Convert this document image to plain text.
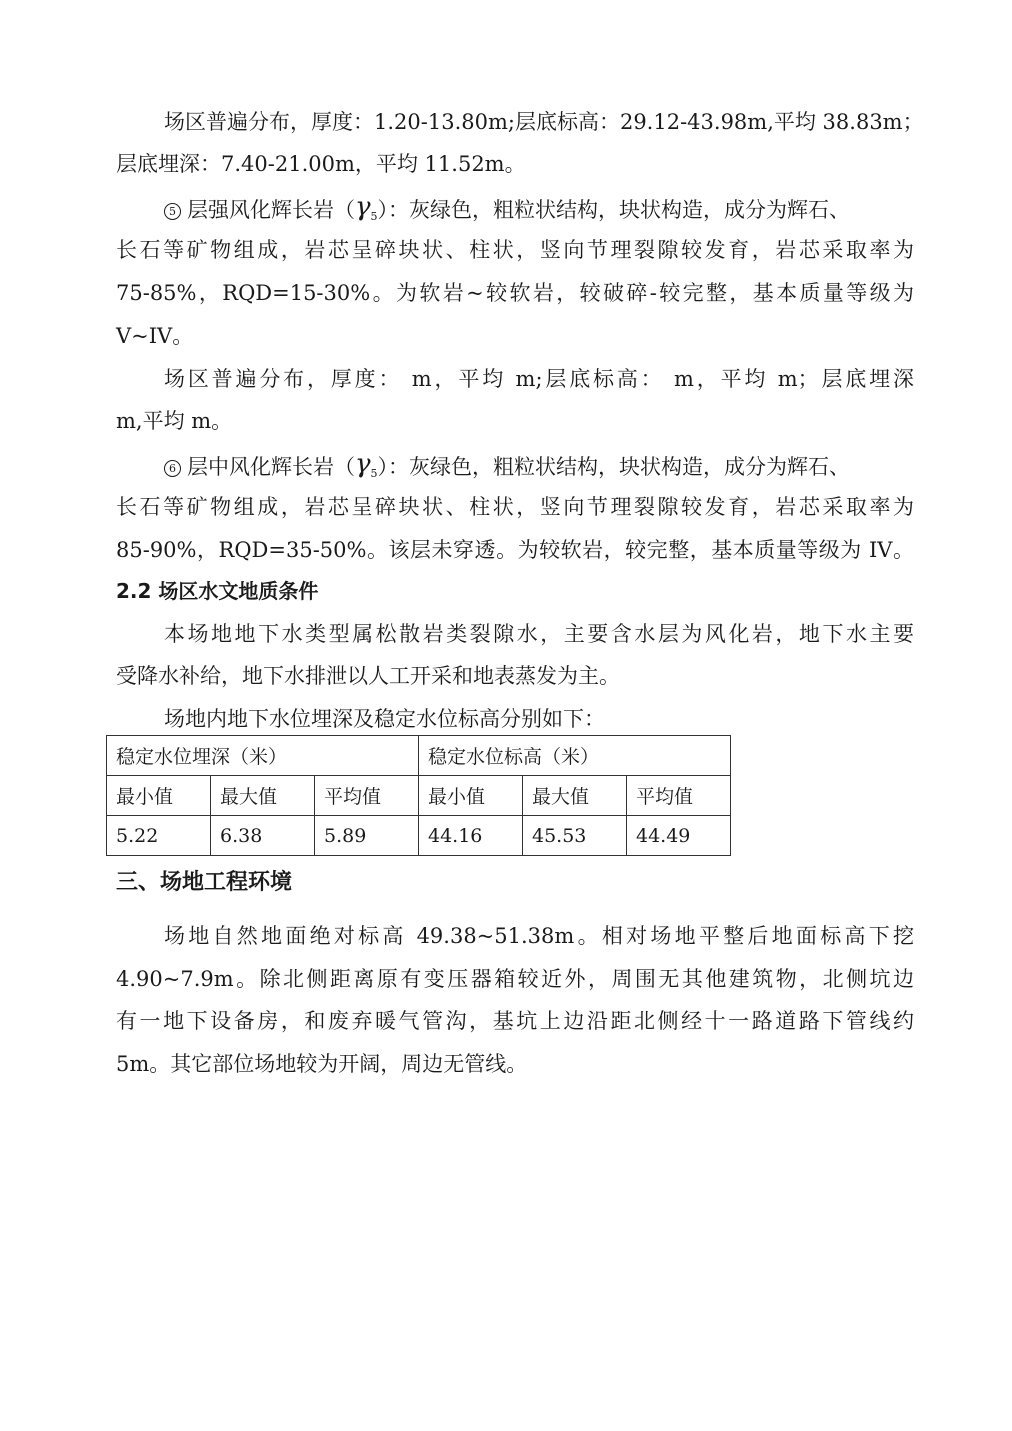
场区普遍分布，厚度：1.20-13.80m;层底标高：29.12-43.98m,平均 38.83m；
层底埋深：7.40-21.00m，平均 11.52m。
5 层强风化辉长岩$(\gamma_5)$：灰绿色，粗粒状结构，块状构造，成分为辉石、
长石等矿物组成，岩芯呈碎块状、柱状，竖向节理裂隙较发育，岩芯采取率为
75-85%，RQD=15-30%。为软岩~较软岩，较破碎-较完整，基本质量等级为
V~IV。
场区普遍分布，厚度： m，平均 m;层底标高： m，平均 m；层底埋深
m,平均 m。
6 层中风化辉长岩$(\gamma_5)$：灰绿色，粗粒状结构，块状构造，成分为辉石、
长石等矿物组成，岩芯呈碎块状、柱状，竖向节理裂隙较发育，岩芯采取率为
85-90%，RQD=35-50%。该层未穿透。为较软岩，较完整，基本质量等级为 IV。
2.2 场区水文地质条件
本场地地下水类型属松散岩类裂隙水，主要含水层为风化岩，地下水主要
受降水补给，地下水排泄以人工开采和地表蒸发为主。
场地内地下水位埋深及稳定水位标高分别如下：
稳定水位埋深（米）			稳定水位标高（米）		
最小值	最大值	平均值	最小值	最大值	平均值
5.22	6.38	5.89	44.16	45.53	44.49
三、场地工程环境
场地自然地面绝对标高 49.38~51.38m。相对场地平整后地面标高下挖
4.90~7.9m。除北侧距离原有变压器箱较近外，周围无其他建筑物，北侧坑边
有一地下设备房，和废弃暖气管沟，基坑上边沿距北侧经十一路道路下管线约
5m。其它部位场地较为开阔，周边无管线。
